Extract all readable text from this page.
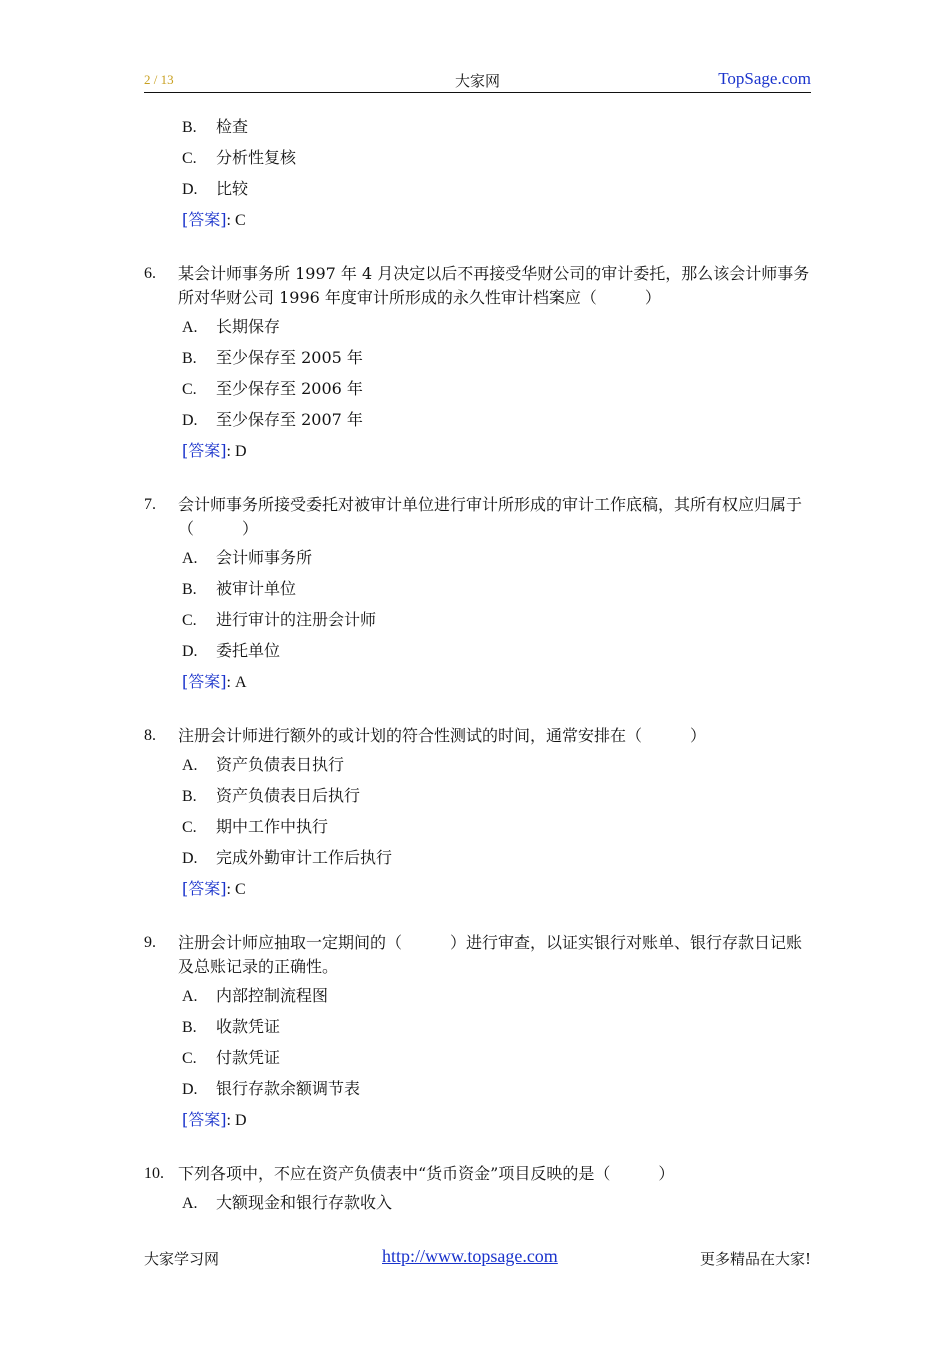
2 / 13	大家网	TopSage.com
B. 检查
C. 分析性复核
D. 比较
[答案]: C
6. 某会计师事务所 1997 年 4 月决定以后不再接受华财公司的审计委托，那么该会计师事务所对华财公司 1996 年度审计所形成的永久性审计档案应（　　　）
A. 长期保存
B. 至少保存至 2005 年
C. 至少保存至 2006 年
D. 至少保存至 2007 年
[答案]: D
7. 会计师事务所接受委托对被审计单位进行审计所形成的审计工作底稿，其所有权应归属于（　　　）
A. 会计师事务所
B. 被审计单位
C. 进行审计的注册会计师
D. 委托单位
[答案]: A
8. 注册会计师进行额外的或计划的符合性测试的时间，通常安排在（　　　）
A. 资产负债表日执行
B. 资产负债表日后执行
C. 期中工作中执行
D. 完成外勤审计工作后执行
[答案]: C
9. 注册会计师应抽取一定期间的（　　　）进行审查，以证实银行对账单、银行存款日记账及总账记录的正确性。
A. 内部控制流程图
B. 收款凭证
C. 付款凭证
D. 银行存款余额调节表
[答案]: D
10. 下列各项中，不应在资产负债表中“货币资金”项目反映的是（　　　）
A. 大额现金和银行存款收入
大家学习网	http://www.topsage.com	更多精品在大家!
